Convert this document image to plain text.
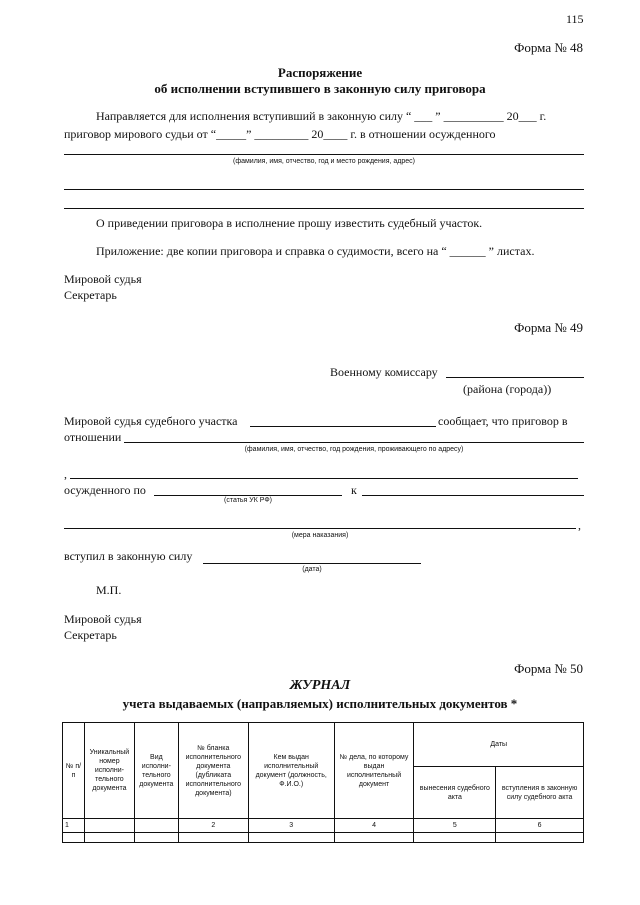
115
Форма № 48
Распоряжение
об исполнении вступившего в законную силу приговора
Направляется для исполнения вступивший в законную силу “ ___ ” __________ 20___ г.
приговор мирового судьи от “_____” _________ 20____ г. в отношении осужденного
(фамилия, имя, отчество, год и место рождения, адрес)
О приведении приговора в исполнение прошу известить судебный участок.
Приложение: две копии приговора и справка о судимости, всего на “ ______ ” листах.
Мировой судья
Секретарь
Форма № 49
Военному комиссару
(района (города))
Мировой судья судебного участка	сообщает, что приговор в
отношении
(фамилия, имя, отчество, год рождения, проживающего по адресу)
,
осужденного по	к
(статья УК РФ)
,
(мера наказания)
вступил в законную силу
(дата)
М.П.
Мировой судья
Секретарь
Форма № 50
ЖУРНАЛ
учета выдаваемых (направляемых) исполнительных документов *
№ п/п	Уникальный номер исполни-тельного документа	Вид исполни-тельного документа	№ бланка исполнительного документа (дубликата исполнительного документа)	Кем выдан исполнительный документ (должность, Ф.И.О.)	№ дела, по которому выдан исполнительный документ	Даты	
						вынесения судебного акта	вступления в законную силу судебного акта
1			2	3	4	5	6
